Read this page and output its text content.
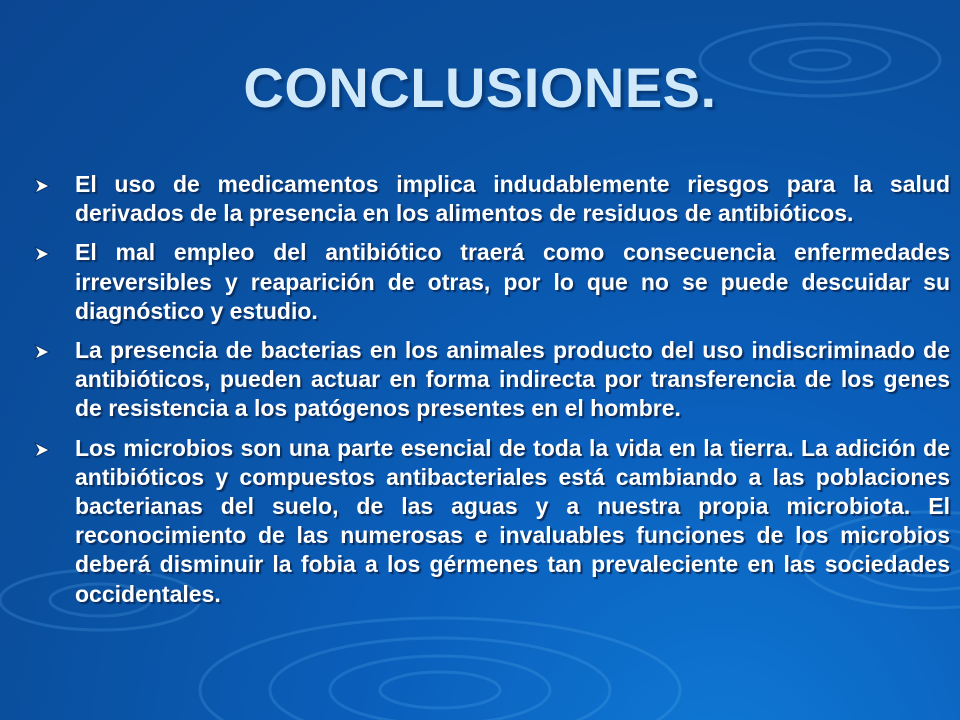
CONCLUSIONES.
El uso de medicamentos implica indudablemente riesgos para la salud derivados de la presencia en los alimentos de residuos de antibióticos.
El mal empleo del antibiótico traerá como consecuencia enfermedades irreversibles y reaparición de otras, por lo que no se puede descuidar su diagnóstico y estudio.
La presencia de bacterias en los animales producto del uso indiscriminado de antibióticos, pueden actuar en forma indirecta por transferencia de los genes de resistencia a los patógenos presentes en el hombre.
Los microbios son una parte esencial de toda la vida en la tierra. La adición de antibióticos y compuestos antibacteriales está cambiando a las poblaciones bacterianas del suelo, de las aguas y a nuestra propia microbiota. El reconocimiento de las numerosas e invaluables funciones de los microbios deberá disminuir la fobia a los gérmenes tan prevaleciente en las sociedades occidentales.
